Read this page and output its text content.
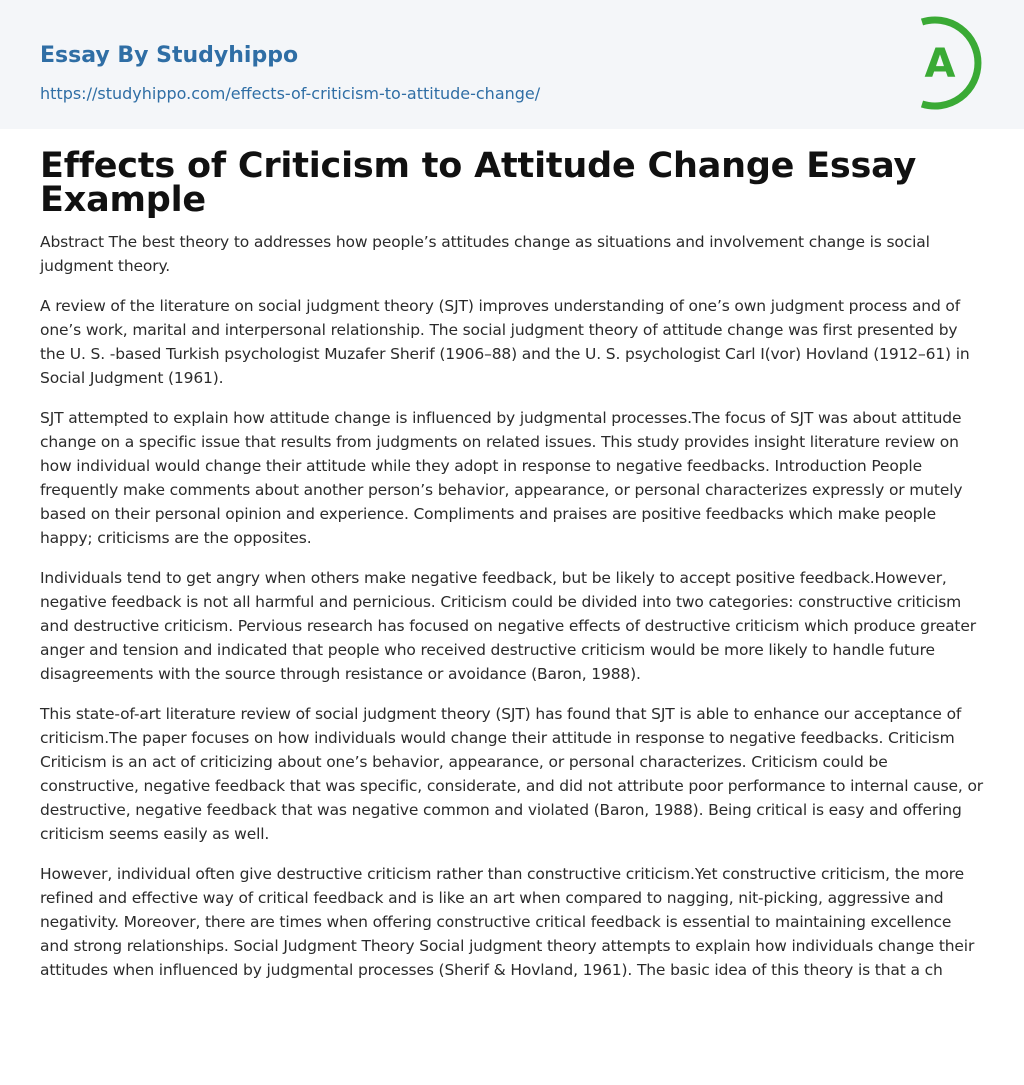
Essay By Studyhippo
https://studyhippo.com/effects-of-criticism-to-attitude-change/
A
Effects of Criticism to Attitude Change Essay Example

Abstract The best theory to addresses how people’s attitudes change as situations and involvement change is social judgment theory.

A review of the literature on social judgment theory (SJT) improves understanding of one’s own judgment process and of one’s work, marital and interpersonal relationship. The social judgment theory of attitude change was first presented by the U. S. -based Turkish psychologist Muzafer Sherif (1906–88) and the U. S. psychologist Carl I(vor) Hovland (1912–61) in Social Judgment (1961).

SJT attempted to explain how attitude change is influenced by judgmental processes.The focus of SJT was about attitude change on a specific issue that results from judgments on related issues. This study provides insight literature review on how individual would change their attitude while they adopt in response to negative feedbacks. Introduction People frequently make comments about another person’s behavior, appearance, or personal characterizes expressly or mutely based on their personal opinion and experience. Compliments and praises are positive feedbacks which make people happy; criticisms are the opposites.

Individuals tend to get angry when others make negative feedback, but be likely to accept positive feedback.However, negative feedback is not all harmful and pernicious. Criticism could be divided into two categories: constructive criticism and destructive criticism. Pervious research has focused on negative effects of destructive criticism which produce greater anger and tension and indicated that people who received destructive criticism would be more likely to handle future disagreements with the source through resistance or avoidance (Baron, 1988).

This state-of-art literature review of social judgment theory (SJT) has found that SJT is able to enhance our acceptance of criticism.The paper focuses on how individuals would change their attitude in response to negative feedbacks. Criticism Criticism is an act of criticizing about one’s behavior, appearance, or personal characterizes. Criticism could be constructive, negative feedback that was specific, considerate, and did not attribute poor performance to internal cause, or destructive, negative feedback that was negative common and violated (Baron, 1988). Being critical is easy and offering criticism seems easily as well.

However, individual often give destructive criticism rather than constructive criticism.Yet constructive criticism, the more refined and effective way of critical feedback and is like an art when compared to nagging, nit-picking, aggressive and negativity. Moreover, there are times when offering constructive critical feedback is essential to maintaining excellence and strong relationships. Social Judgment Theory Social judgment theory attempts to explain how individuals change their attitudes when influenced by judgmental processes (Sherif & Hovland, 1961). The basic idea of this theory is that a ch
